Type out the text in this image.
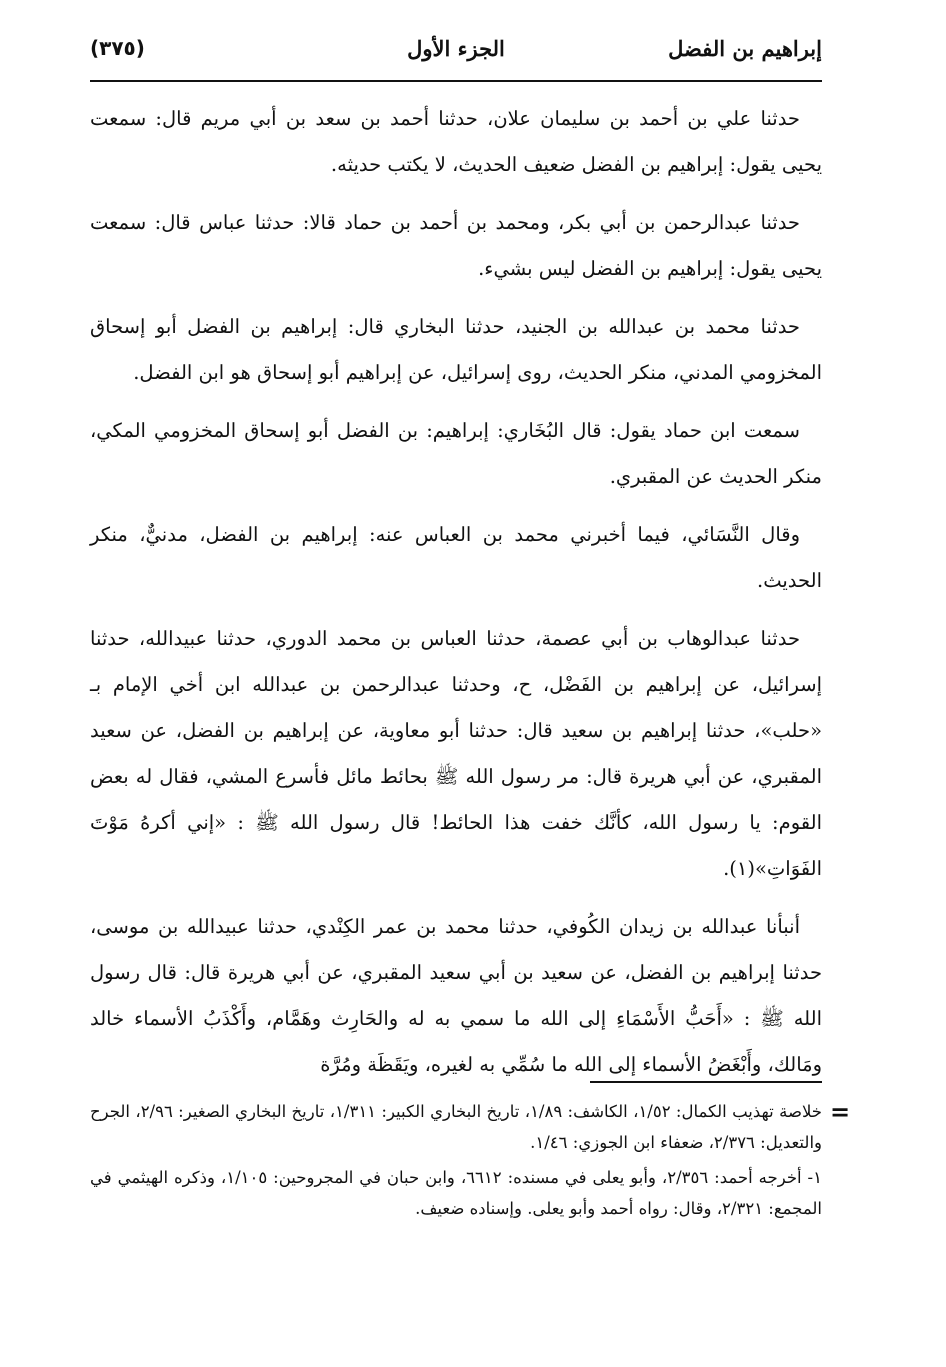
إبراهيم بن الفضل
الجزء الأول
(٣٧٥)

حدثنا علي بن أحمد بن سليمان علان، حدثنا أحمد بن سعد بن أبي مريم قال: سمعت يحيى يقول: إبراهيم بن الفضل ضعيف الحديث، لا يكتب حديثه.

حدثنا عبدالرحمن بن أبي بكر، ومحمد بن أحمد بن حماد قالا: حدثنا عباس قال: سمعت يحيى يقول: إبراهيم بن الفضل ليس بشيء.

حدثنا محمد بن عبدالله بن الجنيد، حدثنا البخاري قال: إبراهيم بن الفضل أبو إسحاق المخزومي المدني، منكر الحديث، روى إسرائيل، عن إبراهيم أبو إسحاق هو ابن الفضل.

سمعت ابن حماد يقول: قال البُخَاري: إبراهيم: بن الفضل أبو إسحاق المخزومي المكي، منكر الحديث عن المقبري.

وقال النَّسَائي، فيما أخبرني محمد بن العباس عنه: إبراهيم بن الفضل، مدنيٌّ، منكر الحديث.

حدثنا عبدالوهاب بن أبي عصمة، حدثنا العباس بن محمد الدوري، حدثنا عبيدالله، حدثنا إسرائيل، عن إبراهيم بن الفَضْل، ح، وحدثنا عبدالرحمن بن عبدالله ابن أخي الإمام بـ «حلب»، حدثنا إبراهيم بن سعيد قال: حدثنا أبو معاوية، عن إبراهيم بن الفضل، عن سعيد المقبري، عن أبي هريرة قال: مر رسول الله ﷺ بحائط مائل فأسرع المشي، فقال له بعض القوم: يا رسول الله، كأنَّك خفت هذا الحائط! قال رسول الله ﷺ : «إني أكرهُ مَوْتَ الفَوَاتِ»(١).

أنبأنا عبدالله بن زيدان الكُوفي، حدثنا محمد بن عمر الكِنْدي، حدثنا عبيدالله بن موسى، حدثنا إبراهيم بن الفضل، عن سعيد بن أبي سعيد المقبري، عن أبي هريرة قال: قال رسول الله ﷺ : «أَحَبُّ الأَسْمَاءِ إلى الله ما سمي به له والحَارِث وهَمَّام، وأَكْذَبُ الأسماء خالد ومَالك، وأَبْغَضُ الأسماء إلى الله ما سُمِّي به لغيره، ويَقَظَة ومُرَّة

=

خلاصة تهذيب الكمال: ١/٥٢، الكاشف: ١/٨٩، تاريخ البخاري الكبير: ١/٣١١، تاريخ البخاري الصغير: ٢/٩٦، الجرح والتعديل: ٢/٣٧٦، ضعفاء ابن الجوزي: ١/٤٦.

١- أخرجه أحمد: ٢/٣٥٦، وأبو يعلى في مسنده: ٦٦١٢، وابن حبان في المجروحين: ١/١٠٥، وذكره الهيثمي في المجمع: ٢/٣٢١، وقال: رواه أحمد وأبو يعلى. وإسناده ضعيف.
